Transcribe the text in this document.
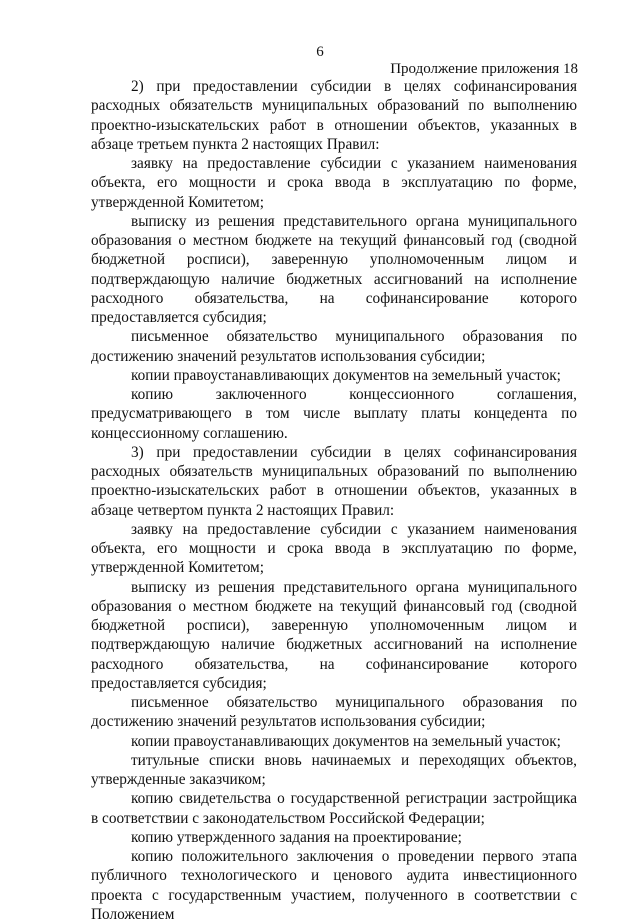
6
Продолжение приложения 18

2) при предоставлении субсидии в целях софинансирования расходных обязательств муниципальных образований по выполнению проектно-изыскательских работ в отношении объектов, указанных в абзаце третьем пункта 2 настоящих Правил:

заявку на предоставление субсидии с указанием наименования объекта, его мощности и срока ввода в эксплуатацию по форме, утвержденной Комитетом;

выписку из решения представительного органа муниципального образования о местном бюджете на текущий финансовый год (сводной бюджетной росписи), заверенную уполномоченным лицом и подтверждающую наличие бюджетных ассигнований на исполнение расходного обязательства, на софинансирование которого предоставляется субсидия;

письменное обязательство муниципального образования по достижению значений результатов использования субсидии;

копии правоустанавливающих документов на земельный участок;

копию заключенного концессионного соглашения, предусматривающего в том числе выплату платы концедента по концессионному соглашению.

3) при предоставлении субсидии в целях софинансирования расходных обязательств муниципальных образований по выполнению проектно-изыскательских работ в отношении объектов, указанных в абзаце четвертом пункта 2 настоящих Правил:

заявку на предоставление субсидии с указанием наименования объекта, его мощности и срока ввода в эксплуатацию по форме, утвержденной Комитетом;

выписку из решения представительного органа муниципального образования о местном бюджете на текущий финансовый год (сводной бюджетной росписи), заверенную уполномоченным лицом и подтверждающую наличие бюджетных ассигнований на исполнение расходного обязательства, на софинансирование которого предоставляется субсидия;

письменное обязательство муниципального образования по достижению значений результатов использования субсидии;

копии правоустанавливающих документов на земельный участок;

титульные списки вновь начинаемых и переходящих объектов, утвержденные заказчиком;

копию свидетельства о государственной регистрации застройщика в соответствии с законодательством Российской Федерации;

копию утвержденного задания на проектирование;

копию положительного заключения о проведении первого этапа публичного технологического и ценового аудита инвестиционного проекта с государственным участием, полученного в соответствии с Положением
